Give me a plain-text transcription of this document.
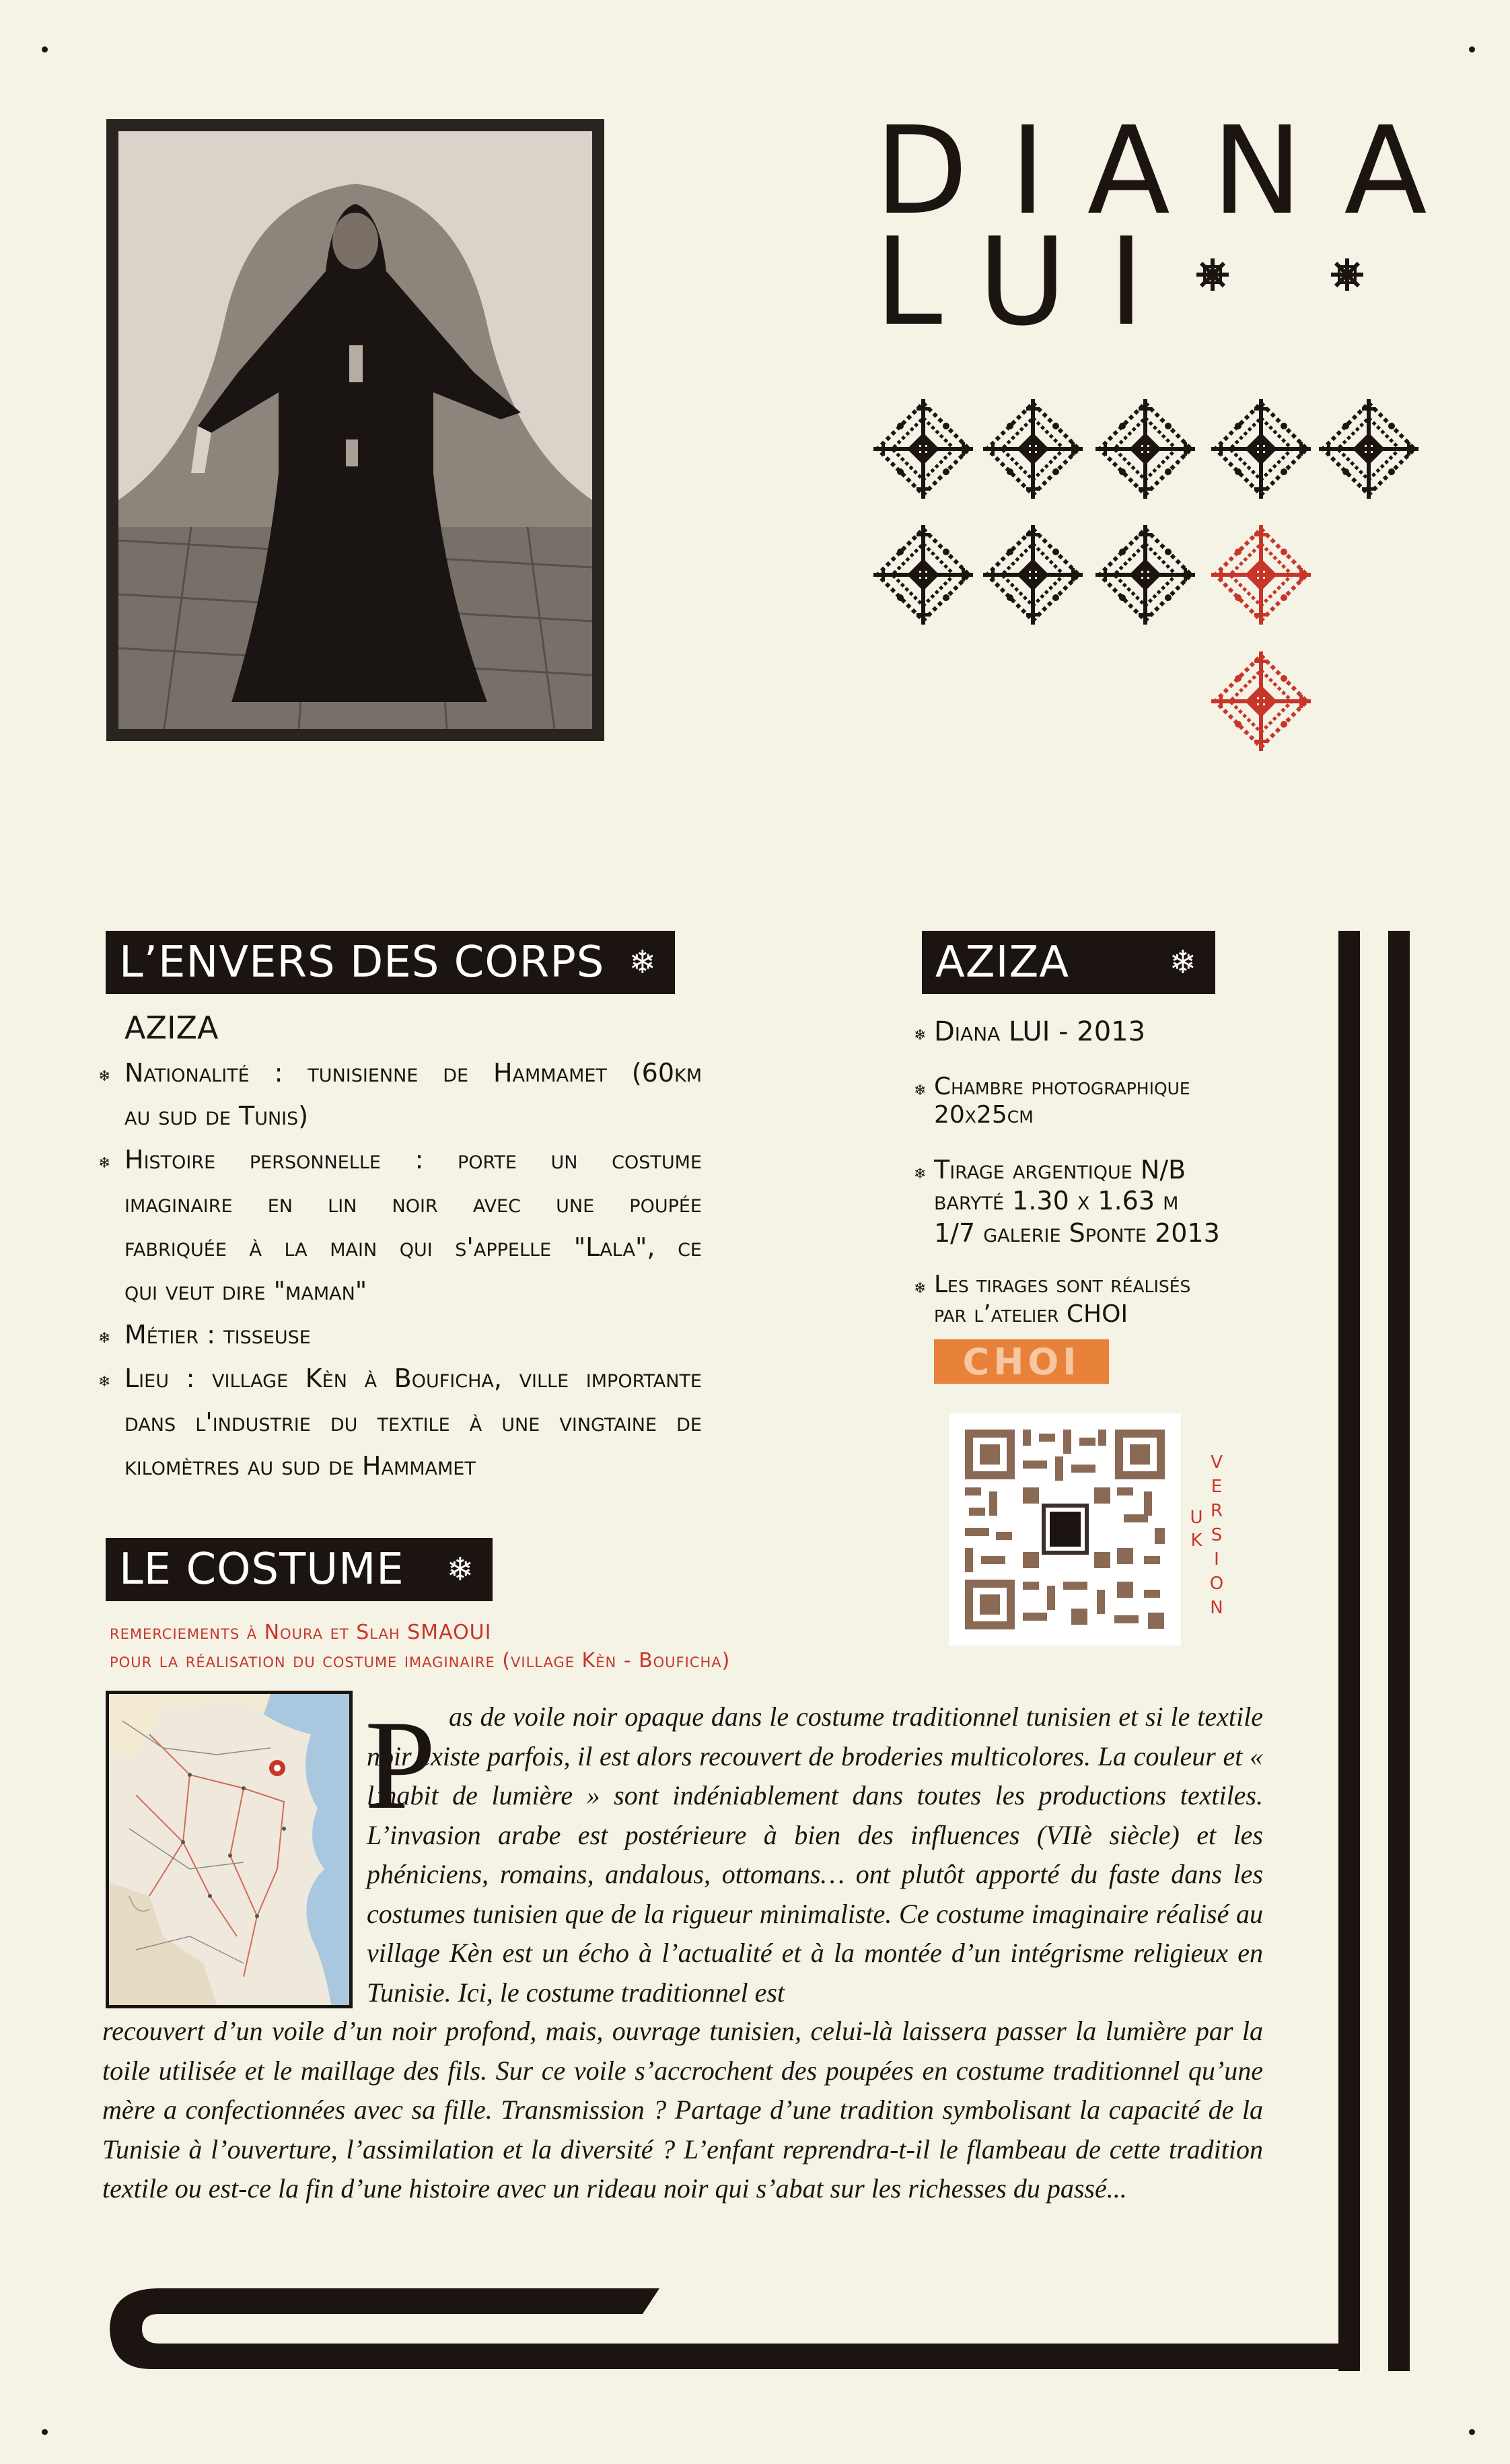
DIANA
LUI
L’ENVERS DES CORPS ❄
AZIZA
❄ Nationalité : tunisienne de Hammamet (60km
au sud de Tunis)
❄ Histoire personnelle : porte un costume
imaginaire en lin noir avec une poupée
fabriquée à la main qui s'appelle "Lala", ce
qui veut dire "maman"
❄ Métier : tisseuse
❄ Lieu : village Kèn à Bouficha, ville importante
dans l'industrie du textile à une vingtaine de
kilomètres au sud de Hammamet
AZIZA	❄
❄ Diana LUI - 2013
❄ Chambre photographique
20x25cm
❄ Tirage argentique N/B
baryté 1.30 x 1.63 m
1/7 galerie Sponte 2013
❄ Les tirages sont réalisés
par l’atelier CHOI
CHOI
UK VERSION
LE COSTUME ❄
remerciements à Noura et Slah SMAOUI
pour la réalisation du costume imaginaire (village Kèn - Bouficha)
P as de voile noir opaque dans le costume traditionnel tunisien et si le textile noir existe parfois, il est alors recouvert de broderies multicolores. La couleur et « l’habit de lumière » sont indéniablement dans toutes les productions textiles. L’invasion arabe est postérieure à bien des influences (VIIè siècle) et les phéniciens, romains, andalous, ottomans… ont plutôt apporté du faste dans les costumes tunisien que de la rigueur minimaliste. Ce costume imaginaire réalisé au village Kèn est un écho à l’actualité et à la montée d’un intégrisme religieux en Tunisie. Ici, le costume traditionnel est

recouvert d’un voile d’un noir profond, mais, ouvrage tunisien, celui-là laissera passer la lumière par la toile utilisée et le maillage des fils. Sur ce voile s’accrochent des poupées en costume traditionnel qu’une mère a confectionnées avec sa fille. Transmission ? Partage d’une tradition symbolisant la capacité de la Tunisie à l’ouverture, l’assimilation et la diversité ? L’enfant reprendra-t-il le flambeau de cette tradition textile ou est-ce la fin d’une histoire avec un rideau noir qui s’abat sur les richesses du passé...
